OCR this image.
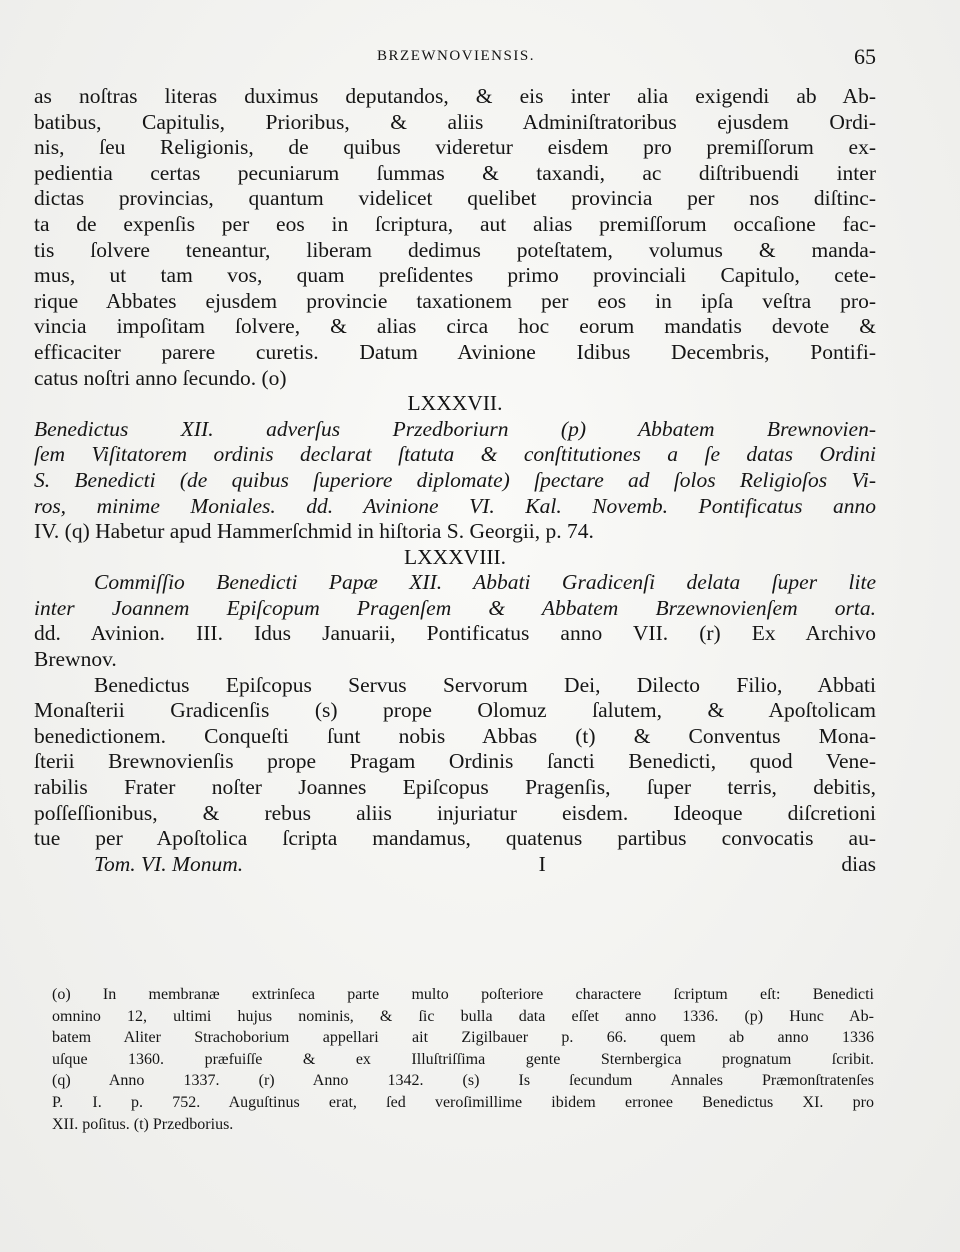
BRZEWNOVIENSIS.	65
as noſtras literas duximus deputandos, & eis inter alia exigendi ab Ab-
batibus, Capitulis, Prioribus, & aliis Adminiſtratoribus ejusdem Ordi-
nis, ſeu Religionis, de quibus videretur eisdem pro premiſſorum ex-
pedientia certas pecuniarum ſummas & taxandi, ac diſtribuendi inter
dictas provincias, quantum videlicet quelibet provincia per nos diſtinc-
ta de expenſis per eos in ſcriptura, aut alias premiſſorum occaſione fac-
tis ſolvere teneantur, liberam dedimus poteſtatem, volumus & manda-
mus, ut tam vos, quam preſidentes primo provinciali Capitulo, cete-
rique Abbates ejusdem provincie taxationem per eos in ipſa veſtra pro-
vincia impoſitam ſolvere, & alias circa hoc eorum mandatis devote &
efficaciter parere curetis. Datum Avinione Idibus Decembris, Pontifi-
catus noſtri anno ſecundo. (o)
LXXXVII.
Benedictus XII. adverſus Przedboriurn (p) Abbatem Brewnovien-
ſem Viſitatorem ordinis declarat ſtatuta & conſtitutiones a ſe datas Ordini
S. Benedicti (de quibus ſuperiore diplomate) ſpectare ad ſolos Religioſos Vi-
ros, minime Moniales. dd. Avinione VI. Kal. Novemb. Pontificatus anno
IV. (q) Habetur apud Hammerſchmid in hiſtoria S. Georgii, p. 74.
LXXXVIII.
Commiſſio Benedicti Papæ XII. Abbati Gradicenſi delata ſuper lite
inter Joannem Epiſcopum Pragenſem & Abbatem Brzewnovienſem orta.
dd. Avinion. III. Idus Januarii, Pontificatus anno VII. (r) Ex Archivo
Brewnov.
Benedictus Epiſcopus Servus Servorum Dei, Dilecto Filio, Abbati
Monaſterii Gradicenſis (s) prope Olomuz ſalutem, & Apoſtolicam
benedictionem. Conqueſti ſunt nobis Abbas (t) & Conventus Mona-
ſterii Brewnovienſis prope Pragam Ordinis ſancti Benedicti, quod Vene-
rabilis Frater noſter Joannes Epiſcopus Pragenſis, ſuper terris, debitis,
poſſeſſionibus, & rebus aliis injuriatur eisdem. Ideoque diſcretioni
tue per Apoſtolica ſcripta mandamus, quatenus partibus convocatis au-
Tom. VI. Monum.	I	dias
(o) In membranæ extrinſeca parte multo poſteriore charactere ſcriptum eſt: Benedicti
omnino 12, ultimi hujus nominis, & ſic bulla data eſſet anno 1336. (p) Hunc Ab-
batem Aliter Strachoborium appellari ait Zigilbauer p. 66. quem ab anno 1336
uſque 1360. præfuiſſe & ex Illuſtriſſima gente Sternbergica prognatum ſcribit.
(q) Anno 1337. (r) Anno 1342. (s) Is ſecundum Annales Præmonſtratenſes
P. I. p. 752. Auguſtinus erat, ſed veroſimillime ibidem erronee Benedictus XI. pro
XII. poſitus. (t) Przedborius.
